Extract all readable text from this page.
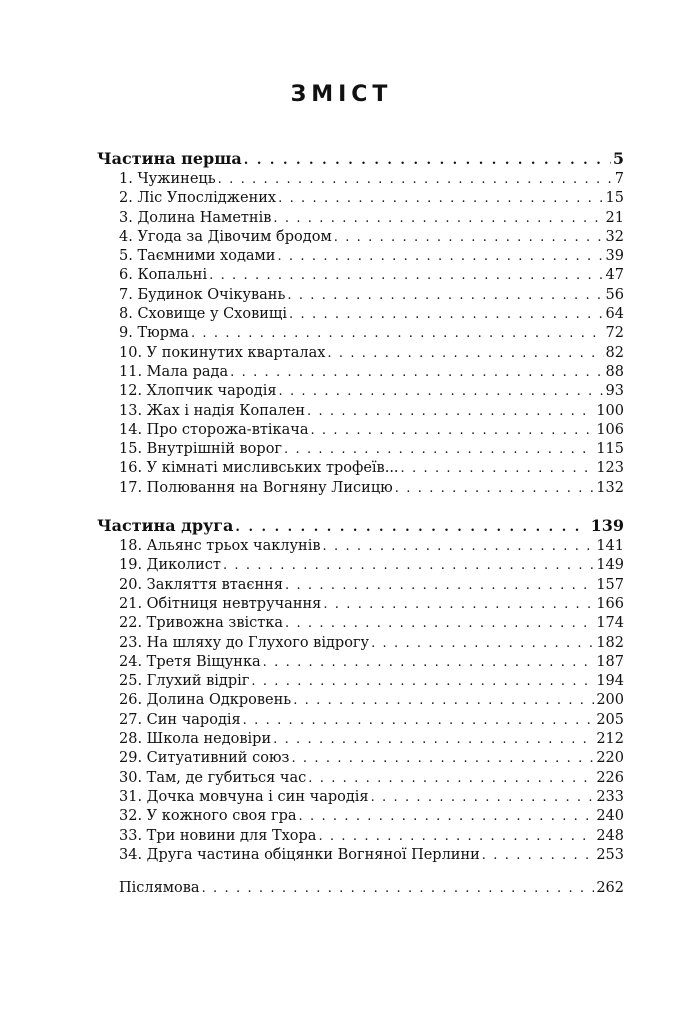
ЗМІСТ
Частина перша . . .	5
1. Чужинець . . .	7
2. Ліс Упосліджених . . .	15
3. Долина Наметнів . . .	21
4. Угода за Дівочим бродом . . .	32
5. Таємними ходами . . .	39
6. Копальні . . .	47
7. Будинок Очікувань . . .	56
8. Сховище у Сховищі . . .	64
9. Тюрма . . .	72
10. У покинутих кварталах . . .	82
11. Мала рада . . .	88
12. Хлопчик чародія . . .	93
13. Жах і надія Копален . . .	100
14. Про сторожа-втікача . . .	106
15. Внутрішній ворог . . .	115
16. У кімнаті мисливських трофеїв... . . .	123
17. Полювання на Вогняну Лисицю . . .	132
Частина друга . . .	139
18. Альянс трьох чаклунів . . .	141
19. Диколист . . .	149
20. Закляття втаєння . . .	157
21. Обітниця невтручання . . .	166
22. Тривожна звістка . . .	174
23. На шляху до Глухого відрогу . . .	182
24. Третя Віщунка . . .	187
25. Глухий відріг . . .	194
26. Долина Одкровень . . .	200
27. Син чародія . . .	205
28. Школа недовіри . . .	212
29. Ситуативний союз . . .	220
30. Там, де губиться час . . .	226
31. Дочка мовчуна і син чародія . . .	233
32. У кожного своя гра . . .	240
33. Три новини для Тхора . . .	248
34. Друга частина обіцянки Вогняної Перлини . . .	253
Післямова . . .	262
